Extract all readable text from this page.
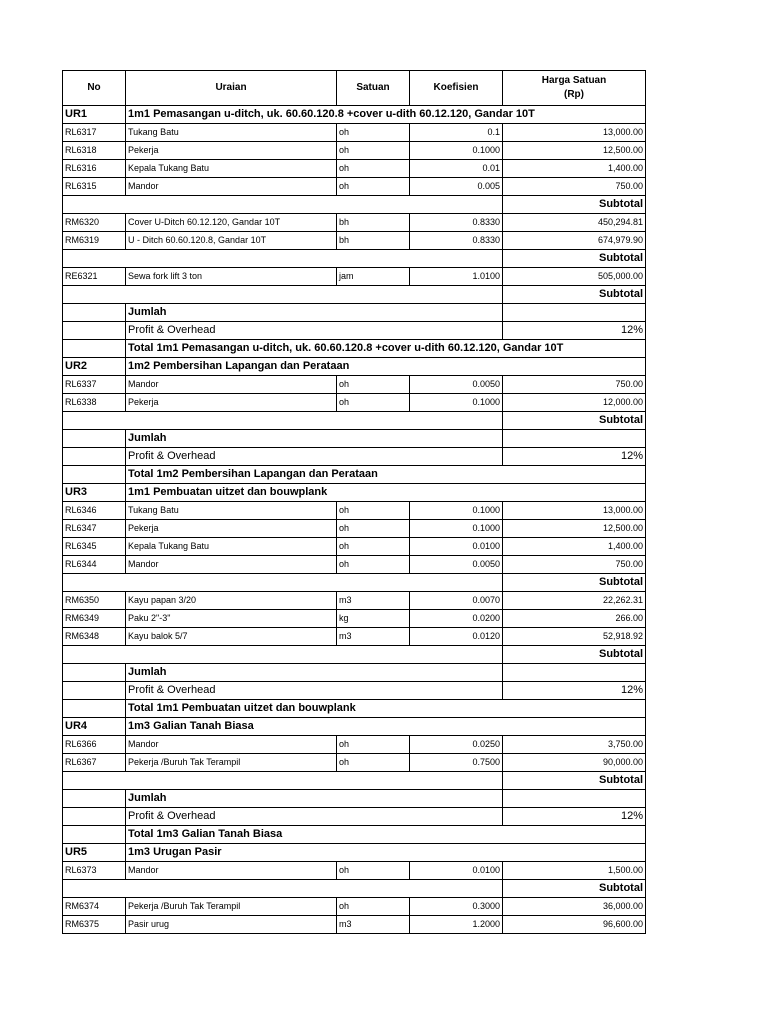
No	Uraian	Satuan	Koefisien	Harga Satuan
(Rp)
UR1	1m1 Pemasangan u-ditch, uk. 60.60.120.8 +cover u-dith 60.12.120, Gandar 10T			
RL6317	Tukang Batu	oh	0.1	13,000.00
RL6318	Pekerja	oh	0.1000	12,500.00
RL6316	Kepala Tukang Batu	oh	0.01	1,400.00
RL6315	Mandor	oh	0.005	750.00
				Subtotal
RM6320	Cover U-Ditch 60.12.120, Gandar 10T	bh	0.8330	450,294.81
RM6319	U - Ditch 60.60.120.8, Gandar 10T	bh	0.8330	674,979.90
				Subtotal
RE6321	Sewa fork lift 3 ton	jam	1.0100	505,000.00
				Subtotal
	Jumlah			
	Profit & Overhead			12%
	Total 1m1 Pemasangan u-ditch, uk. 60.60.120.8 +cover u-dith 60.12.120, Gandar 10T			
UR2	1m2 Pembersihan Lapangan dan Perataan			
RL6337	Mandor	oh	0.0050	750.00
RL6338	Pekerja	oh	0.1000	12,000.00
				Subtotal
	Jumlah			
	Profit & Overhead			12%
	Total 1m2 Pembersihan Lapangan dan Perataan			
UR3	1m1 Pembuatan uitzet dan bouwplank			
RL6346	Tukang Batu	oh	0.1000	13,000.00
RL6347	Pekerja	oh	0.1000	12,500.00
RL6345	Kepala Tukang Batu	oh	0.0100	1,400.00
RL6344	Mandor	oh	0.0050	750.00
				Subtotal
RM6350	Kayu papan 3/20	m3	0.0070	22,262.31
RM6349	Paku 2"-3"	kg	0.0200	266.00
RM6348	Kayu balok 5/7	m3	0.0120	52,918.92
				Subtotal
	Jumlah			
	Profit & Overhead			12%
	Total 1m1 Pembuatan uitzet dan bouwplank			
UR4	1m3 Galian Tanah Biasa			
RL6366	Mandor	oh	0.0250	3,750.00
RL6367	Pekerja /Buruh Tak Terampil	oh	0.7500	90,000.00
				Subtotal
	Jumlah			
	Profit & Overhead			12%
	Total 1m3 Galian Tanah Biasa			
UR5	1m3 Urugan Pasir			
RL6373	Mandor	oh	0.0100	1,500.00
				Subtotal
RM6374	Pekerja /Buruh Tak Terampil	oh	0.3000	36,000.00
RM6375	Pasir urug	m3	1.2000	96,600.00
